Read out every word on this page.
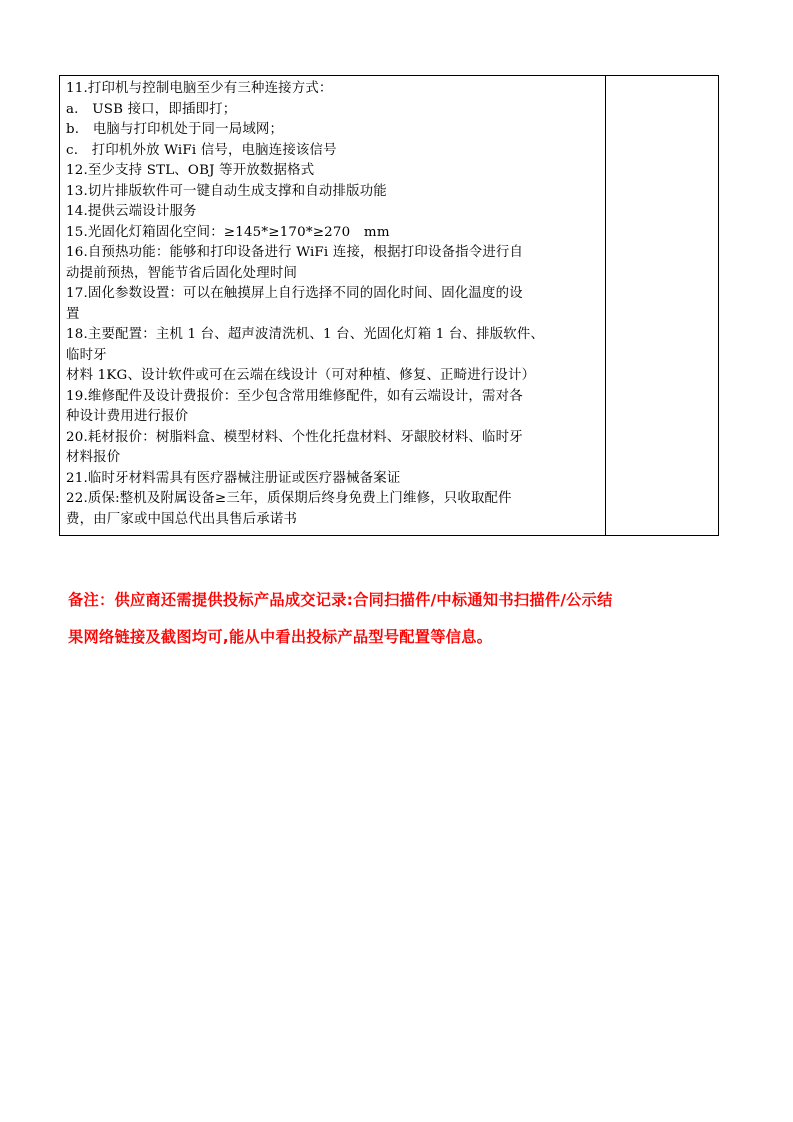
11.打印机与控制电脑至少有三种连接方式：
a.　USB 接口，即插即打；
b.　电脑与打印机处于同一局域网；
c.　打印机外放 WiFi 信号，电脑连接该信号
12.至少支持 STL、OBJ 等开放数据格式
13.切片排版软件可一键自动生成支撑和自动排版功能
14.提供云端设计服务
15.光固化灯箱固化空间：≥145*≥170*≥270　mm
16.自预热功能：能够和打印设备进行 WiFi 连接，根据打印设备指令进行自
动提前预热，智能节省后固化处理时间
17.固化参数设置：可以在触摸屏上自行选择不同的固化时间、固化温度的设
置
18.主要配置：主机 1 台、超声波清洗机、1 台、光固化灯箱 1 台、排版软件、
临时牙
材料 1KG、设计软件或可在云端在线设计（可对种植、修复、正畸进行设计）
19.维修配件及设计费报价：至少包含常用维修配件，如有云端设计，需对各
种设计费用进行报价
20.耗材报价：树脂料盒、模型材料、个性化托盘材料、牙龈胶材料、临时牙
材料报价
21.临时牙材料需具有医疗器械注册证或医疗器械备案证
22.质保:整机及附属设备≥三年，质保期后终身免费上门维修，只收取配件
费，由厂家或中国总代出具售后承诺书

备注：供应商还需提供投标产品成交记录:合同扫描件/中标通知书扫描件/公示结
果网络链接及截图均可,能从中看出投标产品型号配置等信息。
